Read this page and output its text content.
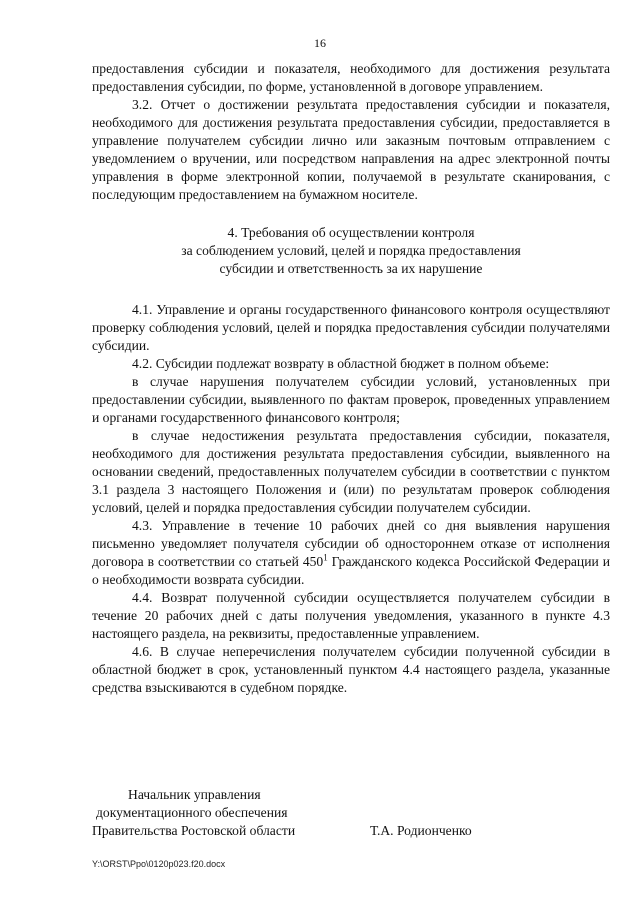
16

предоставления субсидии и показателя, необходимого для достижения результата предоставления субсидии, по форме, установленной в договоре управлением.

3.2. Отчет о достижении результата предоставления субсидии и показателя, необходимого для достижения результата предоставления субсидии, предоставляется в управление получателем субсидии лично или заказным почтовым отправлением с уведомлением о вручении, или посредством направления на адрес электронной почты управления в форме электронной копии, получаемой в результате сканирования, с последующим предоставлением на бумажном носителе.

4. Требования об осуществлении контроля
за соблюдением условий, целей и порядка предоставления
субсидии и ответственность за их нарушение

4.1. Управление и органы государственного финансового контроля осуществляют проверку соблюдения условий, целей и порядка предоставления субсидии получателями субсидии.

4.2. Субсидии подлежат возврату в областной бюджет в полном объеме:

в случае нарушения получателем субсидии условий, установленных при предоставлении субсидии, выявленного по фактам проверок, проведенных управлением и органами государственного финансового контроля;

в случае недостижения результата предоставления субсидии, показателя, необходимого для достижения результата предоставления субсидии, выявленного на основании сведений, предоставленных получателем субсидии в соответствии с пунктом 3.1 раздела 3 настоящего Положения и (или) по результатам проверок соблюдения условий, целей и порядка предоставления субсидии получателем субсидии.

4.3. Управление в течение 10 рабочих дней со дня выявления нарушения письменно уведомляет получателя субсидии об одностороннем отказе от исполнения договора в соответствии со статьей $450^1$ Гражданского кодекса Российской Федерации и о необходимости возврата субсидии.

4.4. Возврат полученной субсидии осуществляется получателем субсидии в течение 20 рабочих дней с даты получения уведомления, указанного в пункте 4.3 настоящего раздела, на реквизиты, предоставленные управлением.

4.6. В случае неперечисления получателем субсидии полученной субсидии в областной бюджет в срок, установленный пунктом 4.4 настоящего раздела, указанные средства взыскиваются в судебном порядке.

Начальник управления
документационного обеспечения
Правительства Ростовской области	Т.А. Родионченко
Y:\ORST\Ppo\0120p023.f20.docx
